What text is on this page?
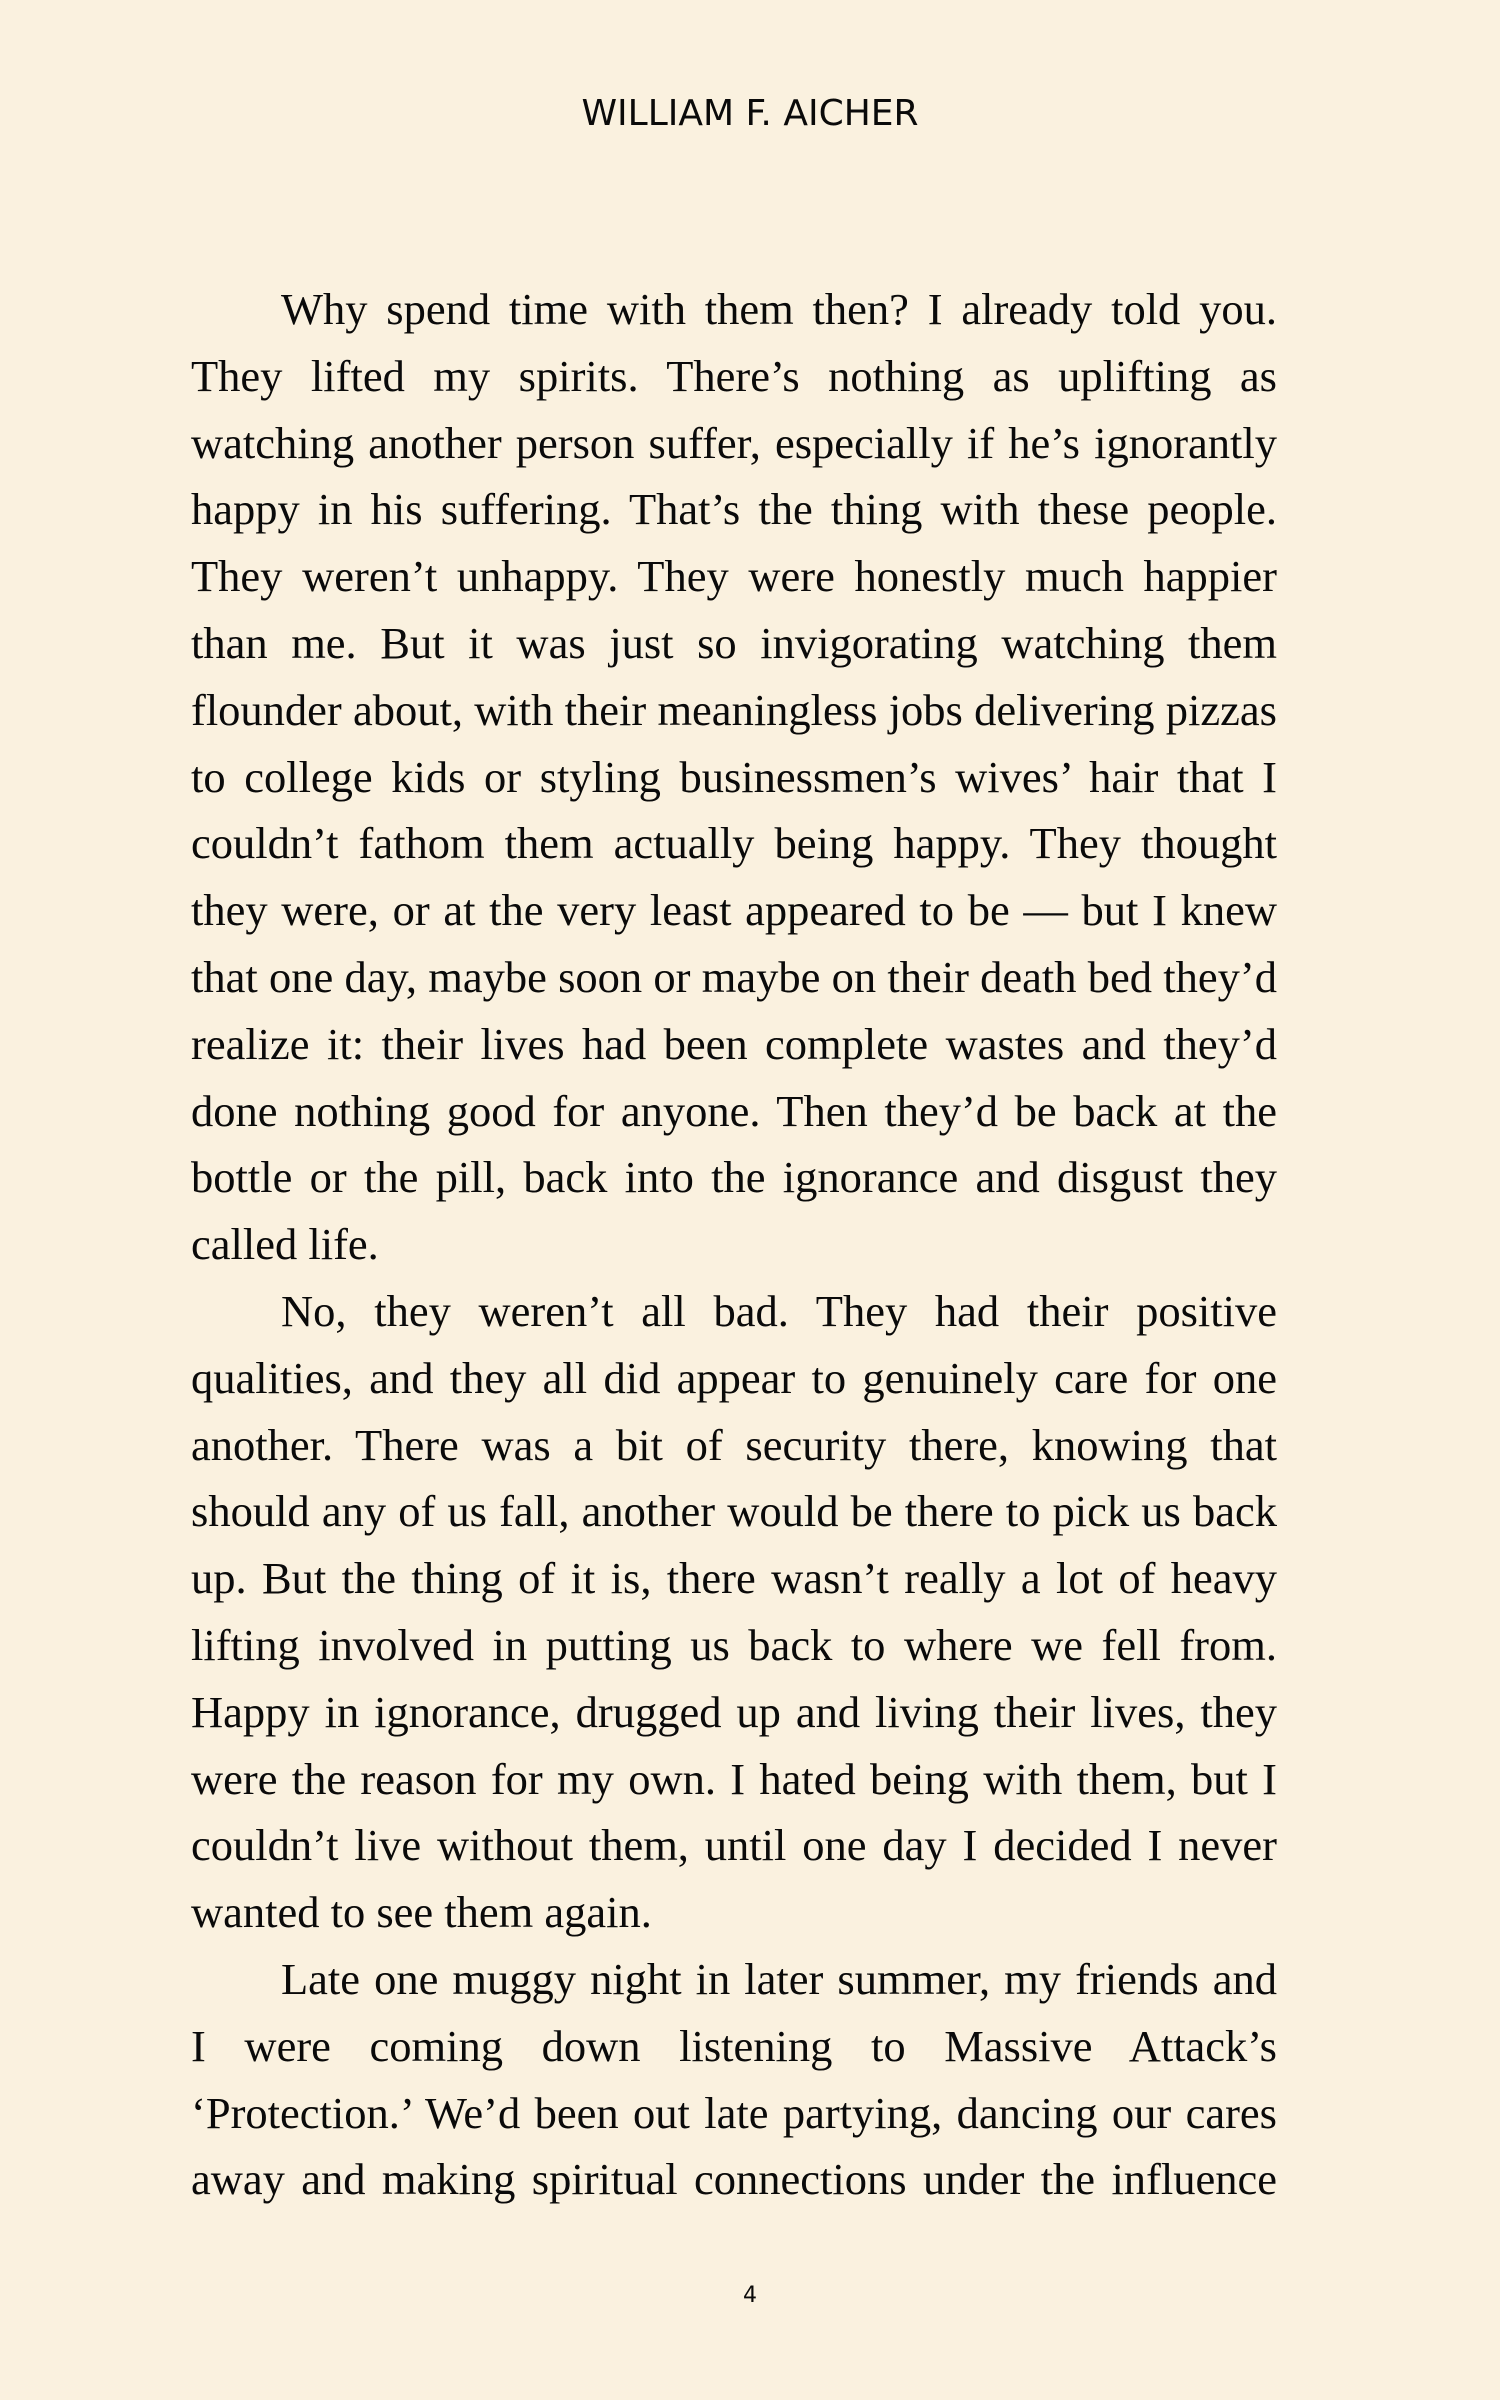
WILLIAM F. AICHER
Why spend time with them then? I already told you.
They lifted my spirits. There’s nothing as uplifting as
watching another person suffer, especially if he’s ignorantly
happy in his suffering. That’s the thing with these people.
They weren’t unhappy. They were honestly much happier
than me. But it was just so invigorating watching them
flounder about, with their meaningless jobs delivering pizzas
to college kids or styling businessmen’s wives’ hair that I
couldn’t fathom them actually being happy. They thought
they were, or at the very least appeared to be — but I knew
that one day, maybe soon or maybe on their death bed they’d
realize it: their lives had been complete wastes and they’d
done nothing good for anyone. Then they’d be back at the
bottle or the pill, back into the ignorance and disgust they
called life.
No, they weren’t all bad. They had their positive
qualities, and they all did appear to genuinely care for one
another. There was a bit of security there, knowing that
should any of us fall, another would be there to pick us back
up. But the thing of it is, there wasn’t really a lot of heavy
lifting involved in putting us back to where we fell from.
Happy in ignorance, drugged up and living their lives, they
were the reason for my own. I hated being with them, but I
couldn’t live without them, until one day I decided I never
wanted to see them again.
Late one muggy night in later summer, my friends and
I were coming down listening to Massive Attack’s
‘Protection.’ We’d been out late partying, dancing our cares
away and making spiritual connections under the influence
4
